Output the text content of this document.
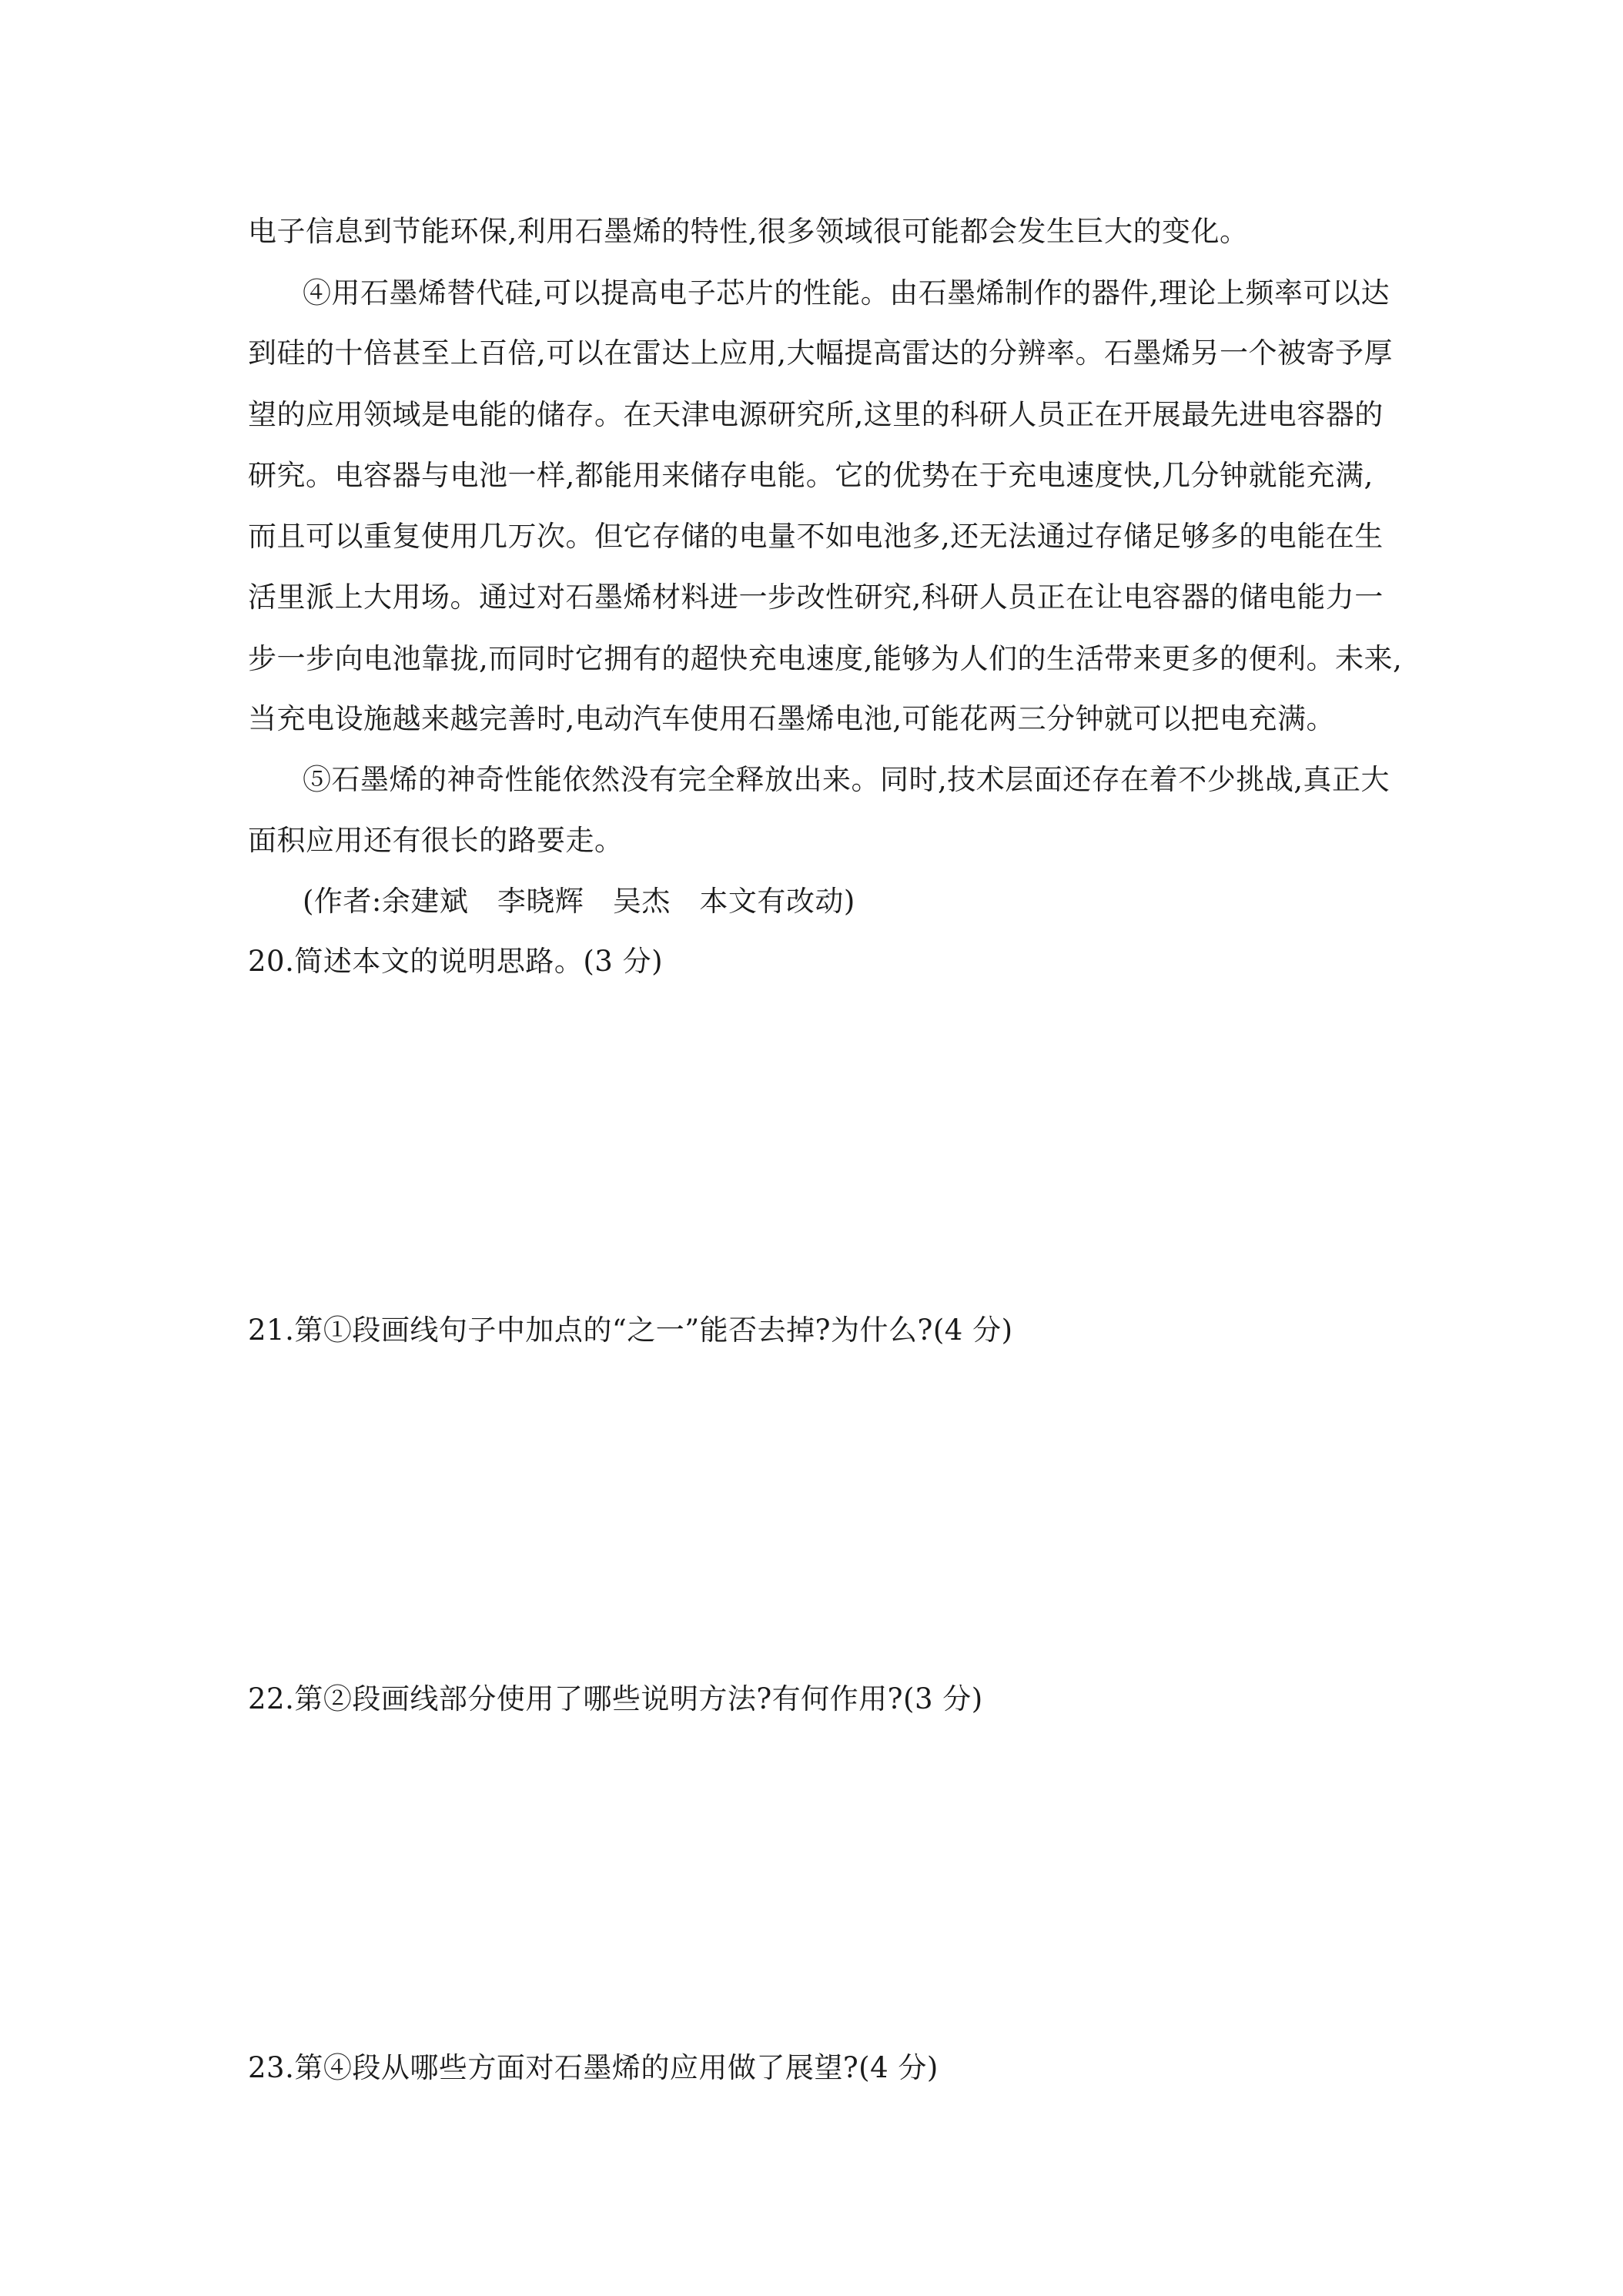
电子信息到节能环保,利用石墨烯的特性,很多领域很可能都会发生巨大的变化。
④用石墨烯替代硅,可以提高电子芯片的性能。由石墨烯制作的器件,理论上频率可以达
到硅的十倍甚至上百倍,可以在雷达上应用,大幅提高雷达的分辨率。石墨烯另一个被寄予厚
望的应用领域是电能的储存。在天津电源研究所,这里的科研人员正在开展最先进电容器的
研究。电容器与电池一样,都能用来储存电能。它的优势在于充电速度快,几分钟就能充满,
而且可以重复使用几万次。但它存储的电量不如电池多,还无法通过存储足够多的电能在生
活里派上大用场。通过对石墨烯材料进一步改性研究,科研人员正在让电容器的储电能力一
步一步向电池靠拢,而同时它拥有的超快充电速度,能够为人们的生活带来更多的便利。未来,
当充电设施越来越完善时,电动汽车使用石墨烯电池,可能花两三分钟就可以把电充满。
⑤石墨烯的神奇性能依然没有完全释放出来。同时,技术层面还存在着不少挑战,真正大
面积应用还有很长的路要走。
(作者:余建斌　李晓辉　吴杰　本文有改动)
20.简述本文的说明思路。(3 分)
21.第①段画线句子中加点的“之一”能否去掉?为什么?(4 分)
22.第②段画线部分使用了哪些说明方法?有何作用?(3 分)
23.第④段从哪些方面对石墨烯的应用做了展望?(4 分)
